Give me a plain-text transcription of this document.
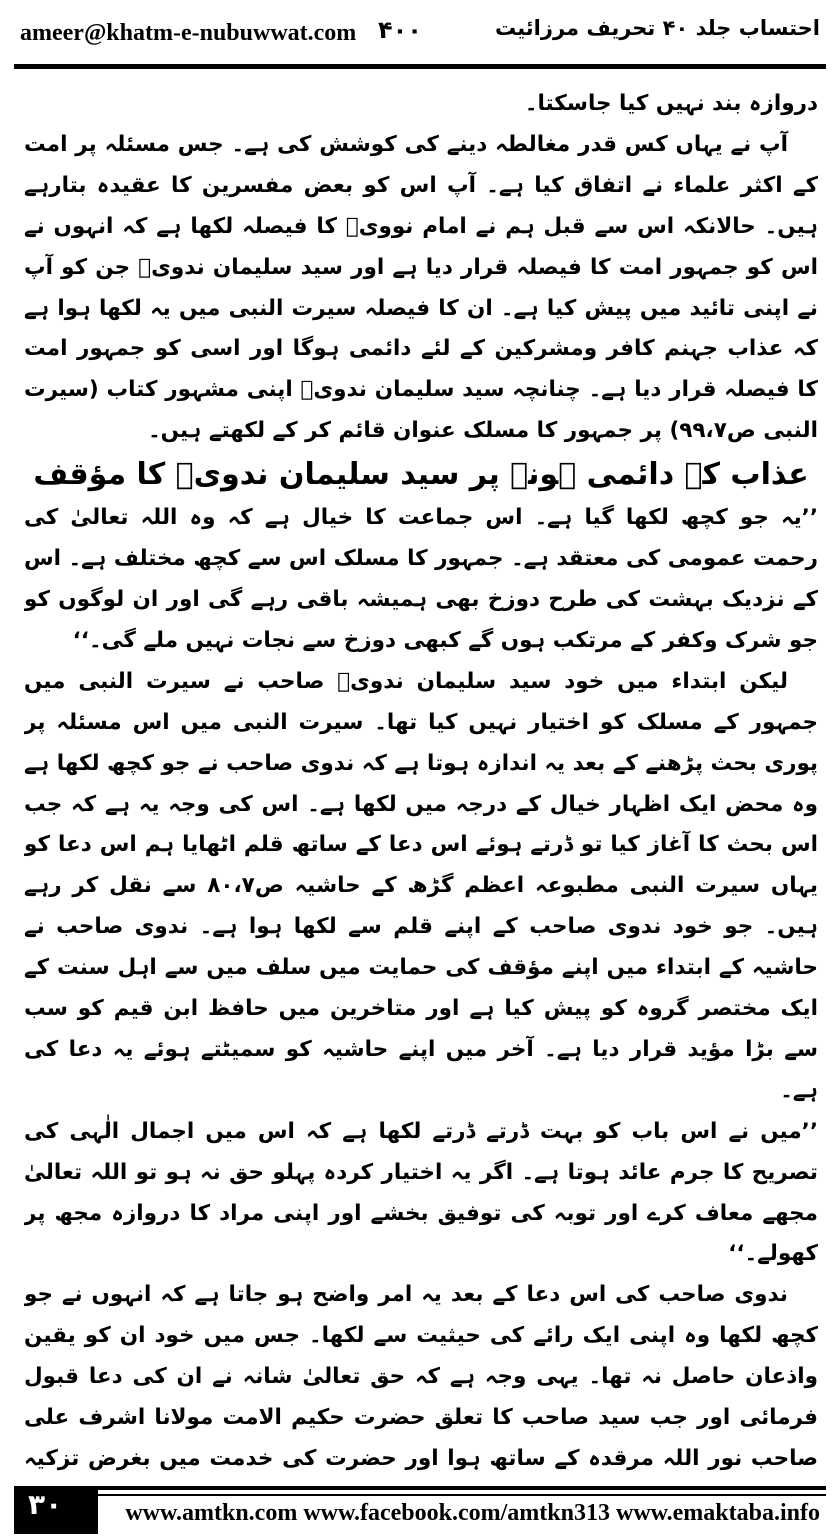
ameer@khatm-e-nubuwwat.com ۴۰۰	احتساب جلد ۴۰ تحریف مرزائیت

دروازہ بند نہیں کیا جاسکتا۔

آپ نے یہاں کس قدر مغالطہ دینے کی کوشش کی ہے۔ جس مسئلہ پر امت کے اکثر علماء نے اتفاق کیا ہے۔ آپ اس کو بعض مفسرین کا عقیدہ بتارہے ہیں۔ حالانکہ اس سے قبل ہم نے امام نوویؒ کا فیصلہ لکھا ہے کہ انہوں نے اس کو جمہور امت کا فیصلہ قرار دیا ہے اور سید سلیمان ندویؒ جن کو آپ نے اپنی تائید میں پیش کیا ہے۔ ان کا فیصلہ سیرت النبی میں یہ لکھا ہوا ہے کہ عذاب جہنم کافر ومشرکین کے لئے دائمی ہوگا اور اسی کو جمہور امت کا فیصلہ قرار دیا ہے۔ چنانچہ سید سلیمان ندویؒ اپنی مشہور کتاب (سیرت النبی ص۹۹،۷) پر جمہور کا مسلک عنوان قائم کر کے لکھتے ہیں۔

عذاب کے دائمی ہونے پر سید سلیمان ندویؒ کا مؤقف

’’یہ جو کچھ لکھا گیا ہے۔ اس جماعت کا خیال ہے کہ وہ اللہ تعالیٰ کی رحمت عمومی کی معتقد ہے۔ جمہور کا مسلک اس سے کچھ مختلف ہے۔ اس کے نزدیک بہشت کی طرح دوزخ بھی ہمیشہ باقی رہے گی اور ان لوگوں کو جو شرک وکفر کے مرتکب ہوں گے کبھی دوزخ سے نجات نہیں ملے گی۔‘‘

لیکن ابتداء میں خود سید سلیمان ندویؒ صاحب نے سیرت النبی میں جمہور کے مسلک کو اختیار نہیں کیا تھا۔ سیرت النبی میں اس مسئلہ پر پوری بحث پڑھنے کے بعد یہ اندازہ ہوتا ہے کہ ندوی صاحب نے جو کچھ لکھا ہے وہ محض ایک اظہار خیال کے درجہ میں لکھا ہے۔ اس کی وجہ یہ ہے کہ جب اس بحث کا آغاز کیا تو ڈرتے ہوئے اس دعا کے ساتھ قلم اٹھایا ہم اس دعا کو یہاں سیرت النبی مطبوعہ اعظم گڑھ کے حاشیہ ص۸۰،۷ سے نقل کر رہے ہیں۔ جو خود ندوی صاحب کے اپنے قلم سے لکھا ہوا ہے۔ ندوی صاحب نے حاشیہ کے ابتداء میں اپنے مؤقف کی حمایت میں سلف میں سے اہل سنت کے ایک مختصر گروہ کو پیش کیا ہے اور متاخرین میں حافظ ابن قیم کو سب سے بڑا مؤید قرار دیا ہے۔ آخر میں اپنے حاشیہ کو سمیٹتے ہوئے یہ دعا کی ہے۔

’’میں نے اس باب کو بہت ڈرتے ڈرتے لکھا ہے کہ اس میں اجمال الٰہی کی تصریح کا جرم عائد ہوتا ہے۔ اگر یہ اختیار کردہ پہلو حق نہ ہو تو اللہ تعالیٰ مجھے معاف کرے اور توبہ کی توفیق بخشے اور اپنی مراد کا دروازہ مجھ پر کھولے۔‘‘

ندوی صاحب کی اس دعا کے بعد یہ امر واضح ہو جاتا ہے کہ انہوں نے جو کچھ لکھا وہ اپنی ایک رائے کی حیثیت سے لکھا۔ جس میں خود ان کو یقین واذعان حاصل نہ تھا۔ یہی وجہ ہے کہ حق تعالیٰ شانہ نے ان کی دعا قبول فرمائی اور جب سید صاحب کا تعلق حضرت حکیم الامت مولانا اشرف علی صاحب نور اللہ مرقدہ کے ساتھ ہوا اور حضرت کی خدمت میں بغرض تزکیہ

۳۰	www.amtkn.com www.facebook.com/amtkn313 www.emaktaba.info
